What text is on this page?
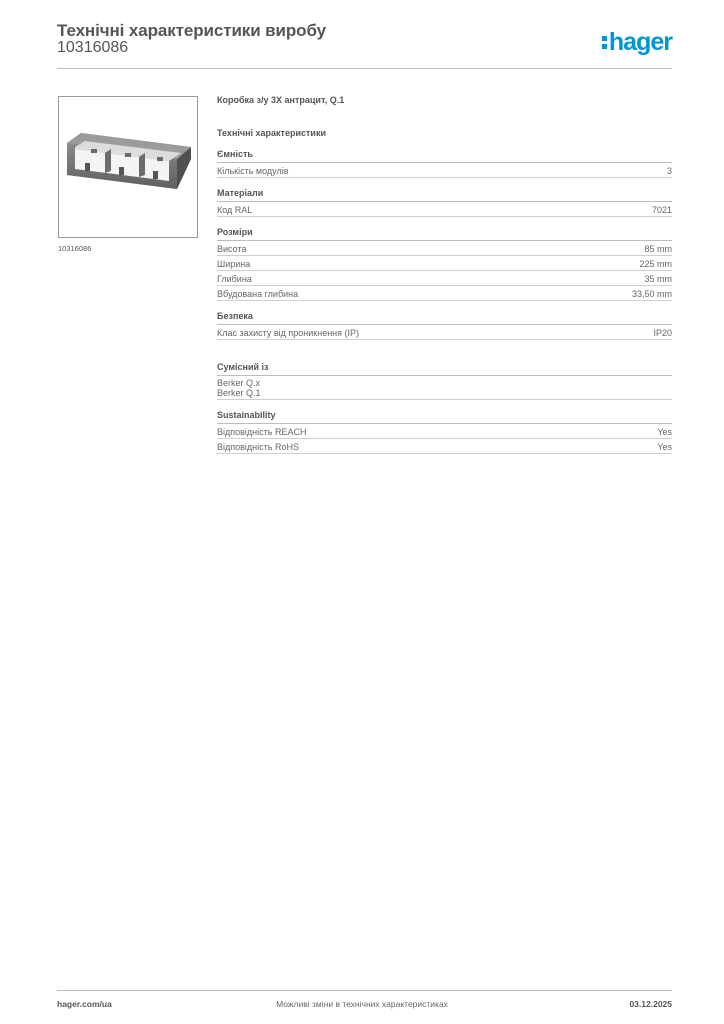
Технічні характеристики виробу
10316086	hager
10316086
Коробка з/у 3X антрацит, Q.1
Технічні характеристики
Ємність
Кількість модулів	3
Матеріали
Код RAL	7021
Розміри
Висота	85 mm
Ширина	225 mm
Глибина	35 mm
Вбудована глибина	33,50 mm
Безпека
Клас захисту від проникнення (IP)	IP20
Сумісний із
Berker Q.x
Berker Q.1
Sustainability
Відповідність REACH	Yes
Відповідність RoHS	Yes
Можливі зміни в технічних характеристиках
hager.com/ua	03.12.2025
